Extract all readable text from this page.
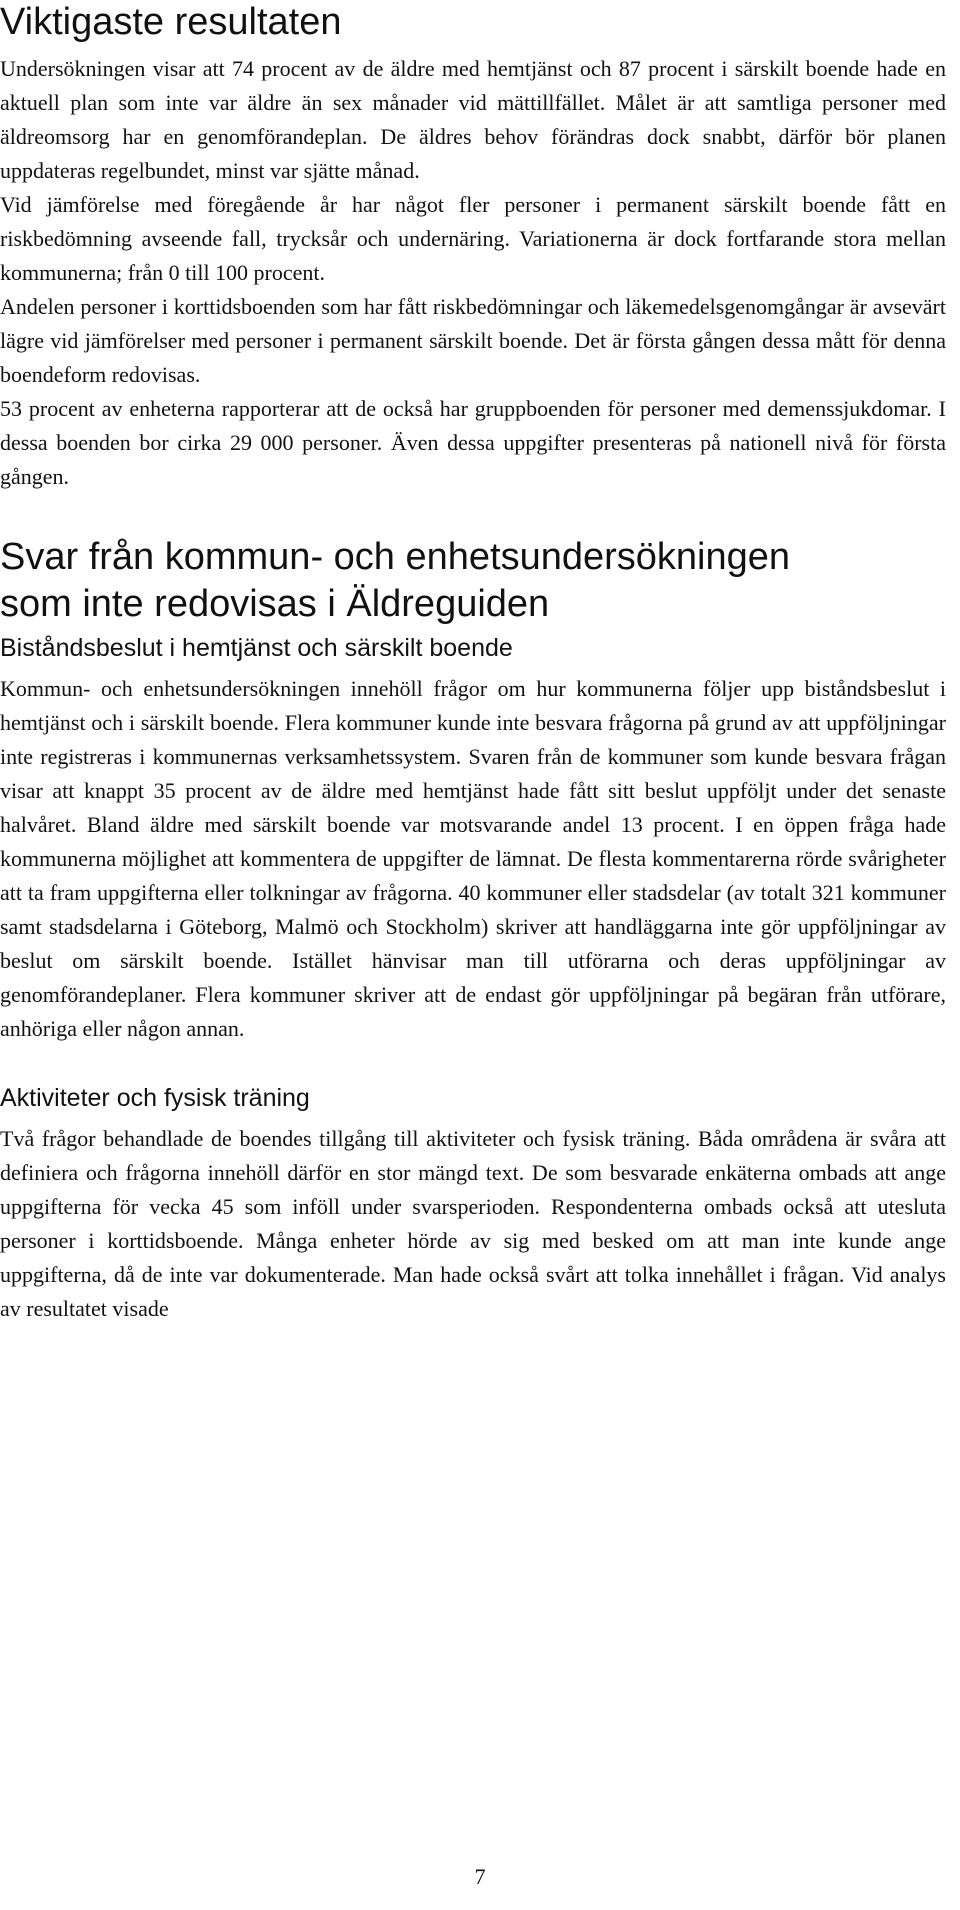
Viktigaste resultaten

Undersökningen visar att 74 procent av de äldre med hemtjänst och 87 procent i särskilt boende hade en aktuell plan som inte var äldre än sex månader vid mättillfället. Målet är att samtliga personer med äldreomsorg har en genomförandeplan. De äldres behov förändras dock snabbt, därför bör planen uppdateras regelbundet, minst var sjätte månad.

Vid jämförelse med föregående år har något fler personer i permanent särskilt boende fått en riskbedömning avseende fall, trycksår och undernäring. Variationerna är dock fortfarande stora mellan kommunerna; från 0 till 100 procent.

Andelen personer i korttidsboenden som har fått riskbedömningar och läkemedelsgenomgångar är avsevärt lägre vid jämförelser med personer i permanent särskilt boende. Det är första gången dessa mått för denna boendeform redovisas.

53 procent av enheterna rapporterar att de också har gruppboenden för personer med demenssjukdomar. I dessa boenden bor cirka 29 000 personer. Även dessa uppgifter presenteras på nationell nivå för första gången.

Svar från kommun- och enhetsundersökningen
som inte redovisas i Äldreguiden
Biståndsbeslut i hemtjänst och särskilt boende

Kommun- och enhetsundersökningen innehöll frågor om hur kommunerna följer upp biståndsbeslut i hemtjänst och i särskilt boende. Flera kommuner kunde inte besvara frågorna på grund av att uppföljningar inte registreras i kommunernas verksamhetssystem. Svaren från de kommuner som kunde besvara frågan visar att knappt 35 procent av de äldre med hemtjänst hade fått sitt beslut uppföljt under det senaste halvåret. Bland äldre med särskilt boende var motsvarande andel 13 procent. I en öppen fråga hade kommunerna möjlighet att kommentera de uppgifter de lämnat. De flesta kommentarerna rörde svårigheter att ta fram uppgifterna eller tolkningar av frågorna. 40 kommuner eller stadsdelar (av totalt 321 kommuner samt stadsdelarna i Göteborg, Malmö och Stockholm) skriver att handläggarna inte gör uppföljningar av beslut om särskilt boende. Istället hänvisar man till utförarna och deras uppföljningar av genomförandeplaner. Flera kommuner skriver att de endast gör uppföljningar på begäran från utförare, anhöriga eller någon annan.

Aktiviteter och fysisk träning

Två frågor behandlade de boendes tillgång till aktiviteter och fysisk träning. Båda områdena är svåra att definiera och frågorna innehöll därför en stor mängd text. De som besvarade enkäterna ombads att ange uppgifterna för vecka 45 som inföll under svarsperioden. Respondenterna ombads också att utesluta personer i korttidsboende. Många enheter hörde av sig med besked om att man inte kunde ange uppgifterna, då de inte var dokumenterade. Man hade också svårt att tolka innehållet i frågan. Vid analys av resultatet visade

7
